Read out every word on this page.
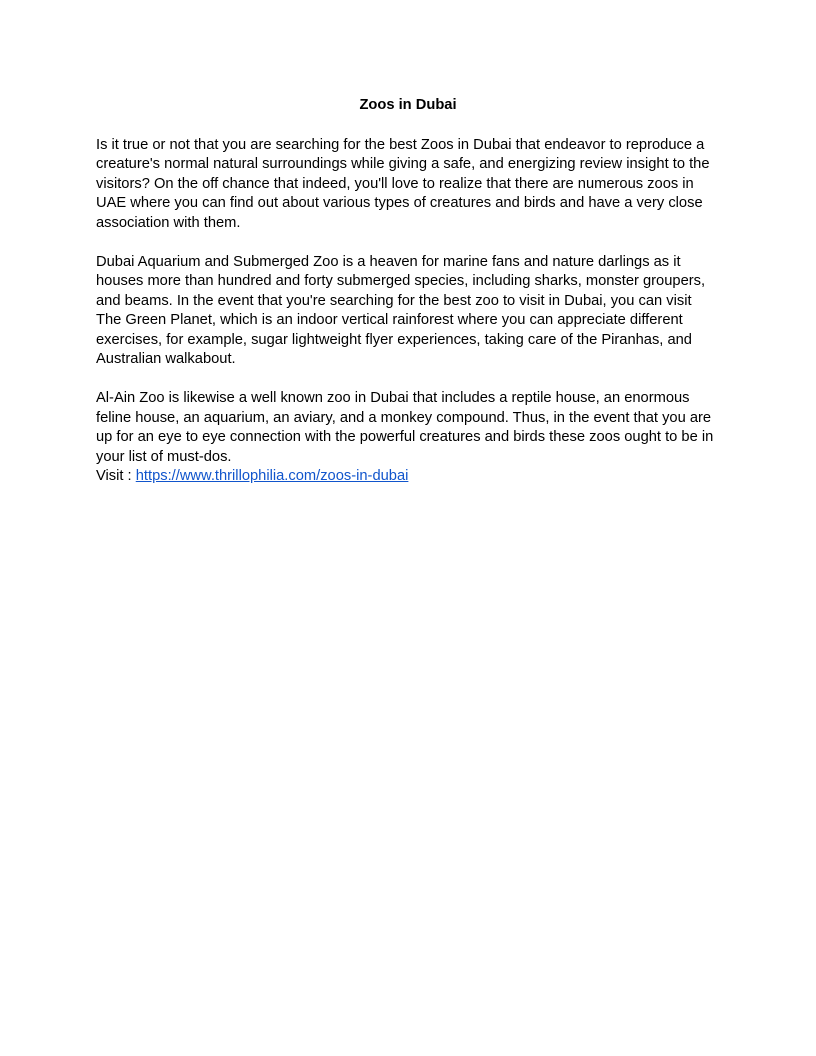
Zoos in Dubai

Is it true or not that you are searching for the best Zoos in Dubai that endeavor to reproduce a creature's normal natural surroundings while giving a safe, and energizing review insight to the visitors? On the off chance that indeed, you'll love to realize that there are numerous zoos in UAE where you can find out about various types of creatures and birds and have a very close association with them.

Dubai Aquarium and Submerged Zoo is a heaven for marine fans and nature darlings as it houses more than hundred and forty submerged species, including sharks, monster groupers, and beams. In the event that you're searching for the best zoo to visit in Dubai, you can visit The Green Planet, which is an indoor vertical rainforest where you can appreciate different exercises, for example, sugar lightweight flyer experiences, taking care of the Piranhas, and Australian walkabout.

Al-Ain Zoo is likewise a well known zoo in Dubai that includes a reptile house, an enormous feline house, an aquarium, an aviary, and a monkey compound. Thus, in the event that you are up for an eye to eye connection with the powerful creatures and birds these zoos ought to be in your list of must-dos.

Visit : https://www.thrillophilia.com/zoos-in-dubai
